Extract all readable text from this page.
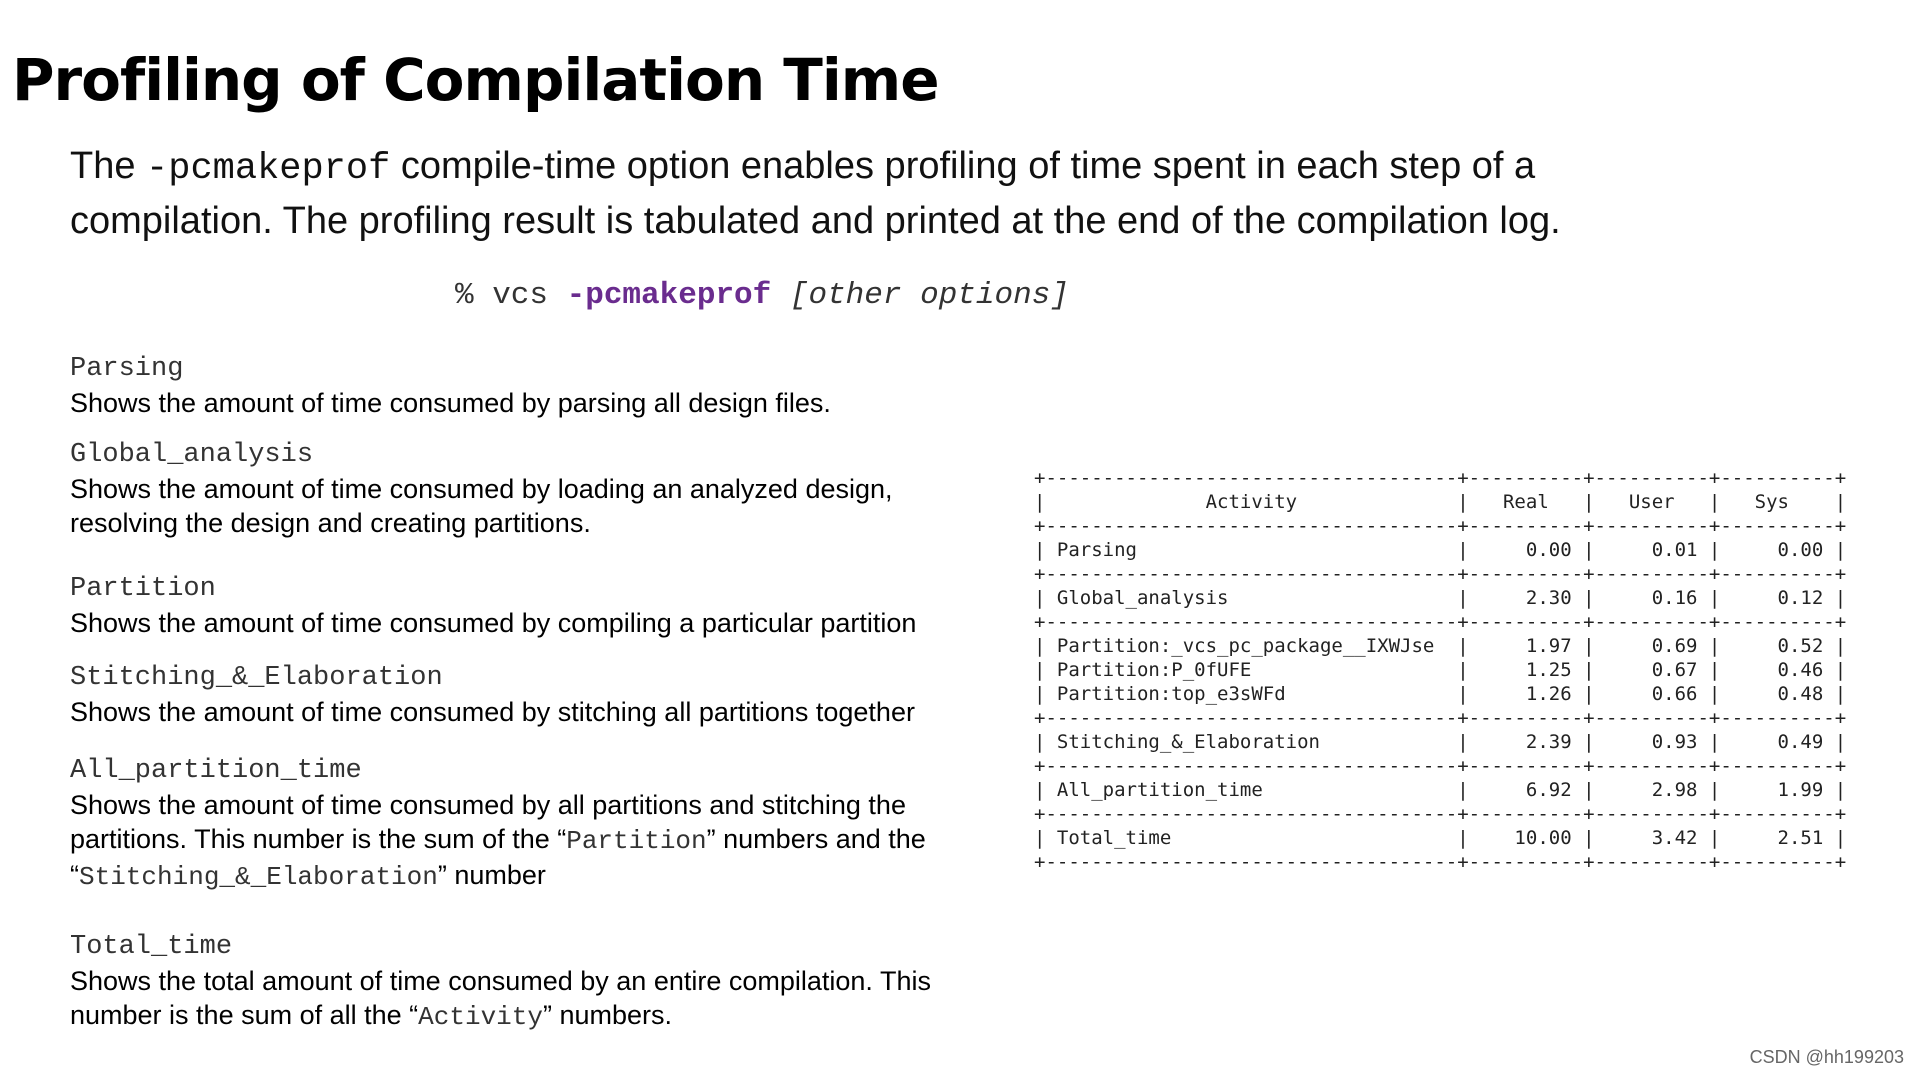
Profiling of Compilation Time
The -pcmakeprof compile-time option enables profiling of time spent in each step of a compilation. The profiling result is tabulated and printed at the end of the compilation log.
% vcs -pcmakeprof [other options]
Parsing
Shows the amount of time consumed by parsing all design files.
Global_analysis
Shows the amount of time consumed by loading an analyzed design, resolving the design and creating partitions.
Partition
Shows the amount of time consumed by compiling a particular partition
Stitching_&_Elaboration
Shows the amount of time consumed by stitching all partitions together
All_partition_time
Shows the amount of time consumed by all partitions and stitching the partitions. This number is the sum of the “Partition” numbers and the “Stitching_&_Elaboration” number
Total_time
Shows the total amount of time consumed by an entire compilation. This number is the sum of all the “Activity” numbers.
+------------------------------------+----------+----------+----------+
|              Activity              |   Real   |   User   |   Sys    |
+------------------------------------+----------+----------+----------+
| Parsing                            |     0.00 |     0.01 |     0.00 |
+------------------------------------+----------+----------+----------+
| Global_analysis                    |     2.30 |     0.16 |     0.12 |
+------------------------------------+----------+----------+----------+
| Partition:_vcs_pc_package__IXWJse  |     1.97 |     0.69 |     0.52 |
| Partition:P_0fUFE                  |     1.25 |     0.67 |     0.46 |
| Partition:top_e3sWFd               |     1.26 |     0.66 |     0.48 |
+------------------------------------+----------+----------+----------+
| Stitching_&_Elaboration            |     2.39 |     0.93 |     0.49 |
+------------------------------------+----------+----------+----------+
| All_partition_time                 |     6.92 |     2.98 |     1.99 |
+------------------------------------+----------+----------+----------+
| Total_time                         |    10.00 |     3.42 |     2.51 |
+------------------------------------+----------+----------+----------+

CSDN @hh199203
